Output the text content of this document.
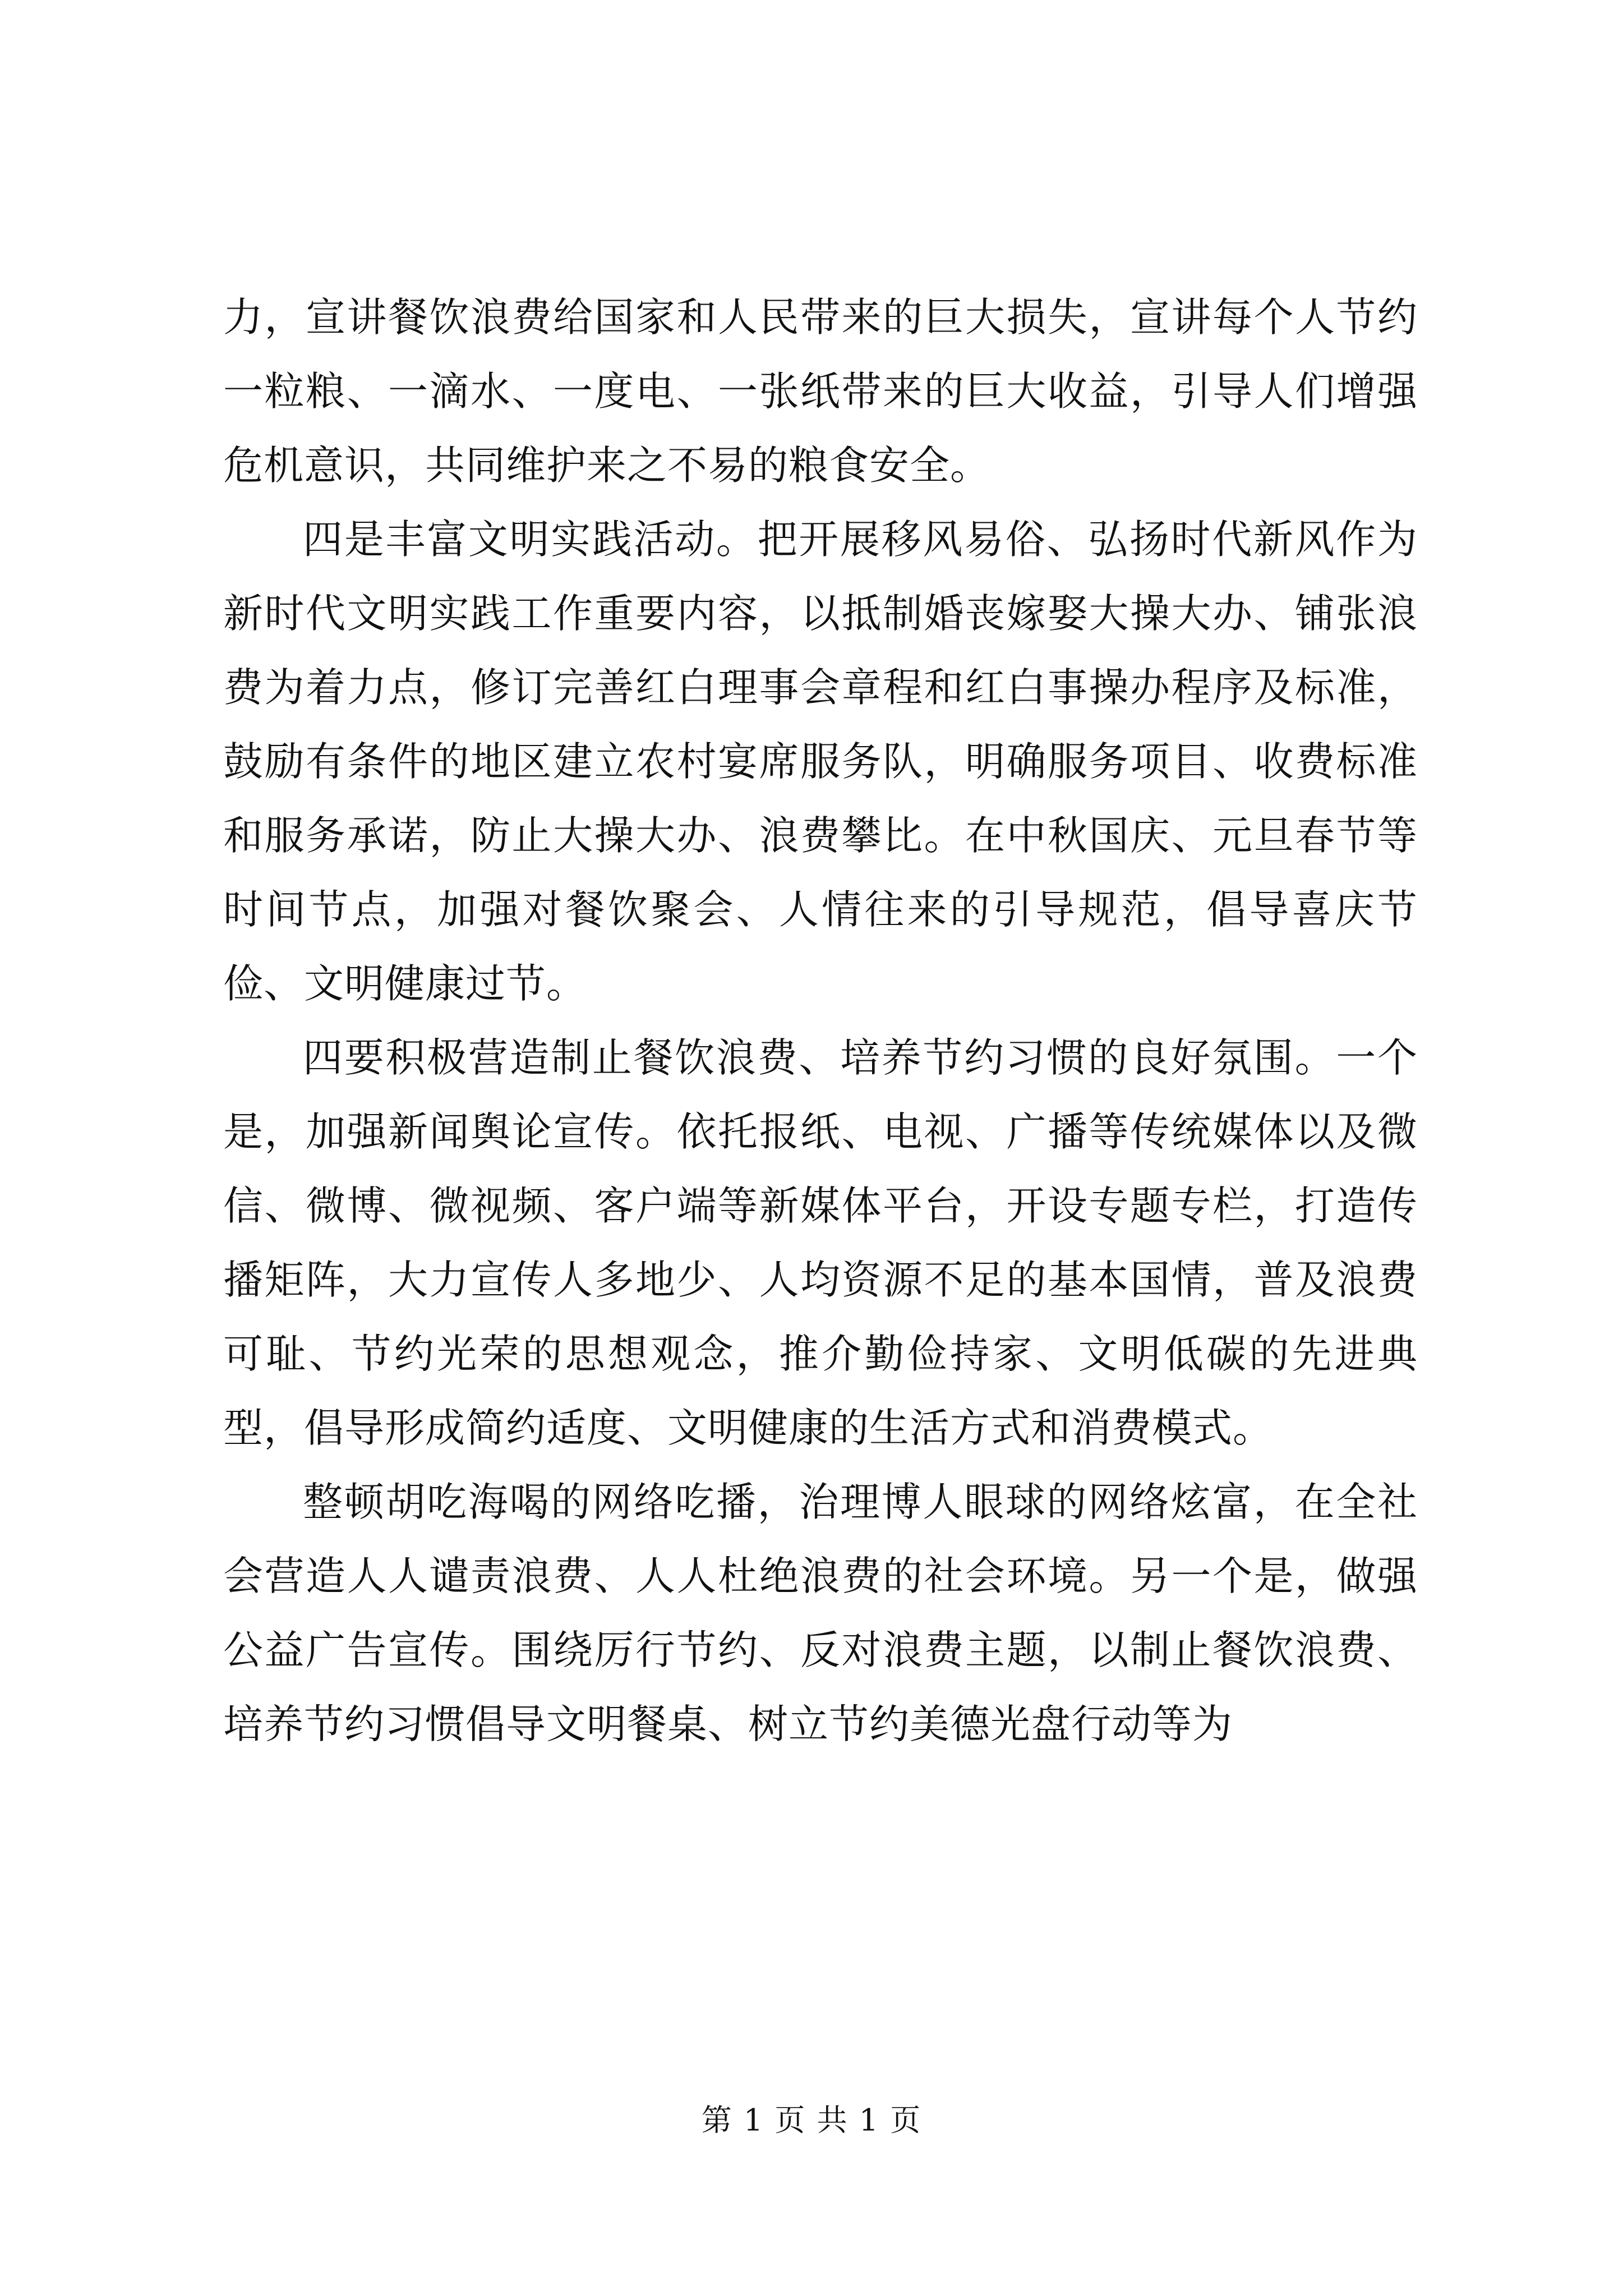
力，宣讲餐饮浪费给国家和人民带来的巨大损失，宣讲每个人节约一粒粮、一滴水、一度电、一张纸带来的巨大收益，引导人们增强危机意识，共同维护来之不易的粮食安全。

四是丰富文明实践活动。把开展移风易俗、弘扬时代新风作为新时代文明实践工作重要内容，以抵制婚丧嫁娶大操大办、铺张浪费为着力点，修订完善红白理事会章程和红白事操办程序及标准，鼓励有条件的地区建立农村宴席服务队，明确服务项目、收费标准和服务承诺，防止大操大办、浪费攀比。在中秋国庆、元旦春节等时间节点，加强对餐饮聚会、人情往来的引导规范，倡导喜庆节俭、文明健康过节。

四要积极营造制止餐饮浪费、培养节约习惯的良好氛围。一个是，加强新闻舆论宣传。依托报纸、电视、广播等传统媒体以及微信、微博、微视频、客户端等新媒体平台，开设专题专栏，打造传播矩阵，大力宣传人多地少、人均资源不足的基本国情，普及浪费可耻、节约光荣的思想观念，推介勤俭持家、文明低碳的先进典型，倡导形成简约适度、文明健康的生活方式和消费模式。

整顿胡吃海喝的网络吃播，治理博人眼球的网络炫富，在全社会营造人人谴责浪费、人人杜绝浪费的社会环境。另一个是，做强公益广告宣传。围绕厉行节约、反对浪费主题，以制止餐饮浪费、培养节约习惯倡导文明餐桌、树立节约美德光盘行动等为

第 1 页 共 1 页
